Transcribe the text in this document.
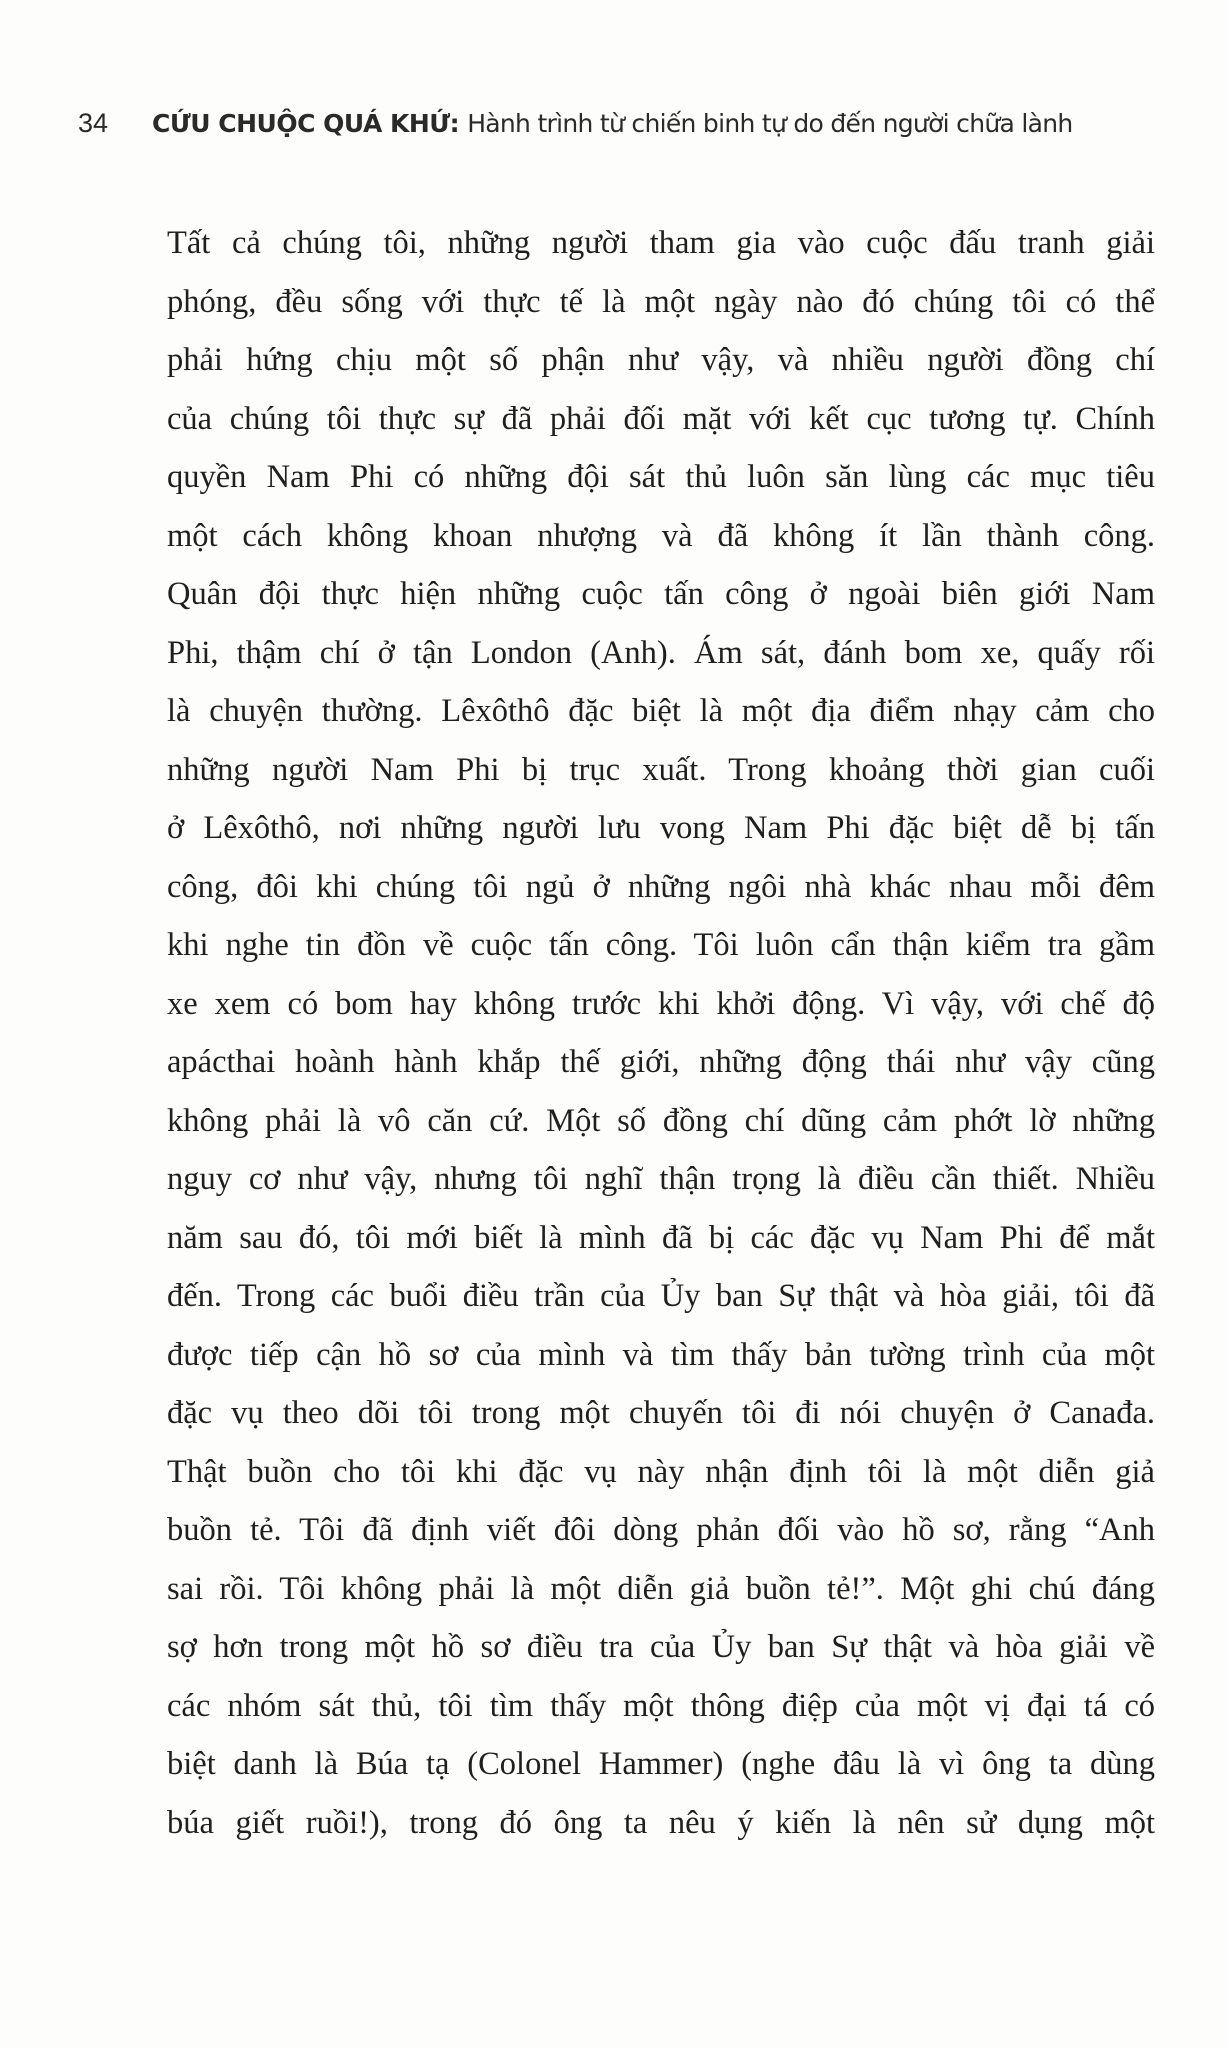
34 CỨU CHUỘC QUÁ KHỨ: Hành trình từ chiến binh tự do đến người chữa lành
Tất cả chúng tôi, những người tham gia vào cuộc đấu tranh giải
phóng, đều sống với thực tế là một ngày nào đó chúng tôi có thể
phải hứng chịu một số phận như vậy, và nhiều người đồng chí
của chúng tôi thực sự đã phải đối mặt với kết cục tương tự. Chính
quyền Nam Phi có những đội sát thủ luôn săn lùng các mục tiêu
một cách không khoan nhượng và đã không ít lần thành công.
Quân đội thực hiện những cuộc tấn công ở ngoài biên giới Nam
Phi, thậm chí ở tận London (Anh). Ám sát, đánh bom xe, quấy rối
là chuyện thường. Lêxôthô đặc biệt là một địa điểm nhạy cảm cho
những người Nam Phi bị trục xuất. Trong khoảng thời gian cuối
ở Lêxôthô, nơi những người lưu vong Nam Phi đặc biệt dễ bị tấn
công, đôi khi chúng tôi ngủ ở những ngôi nhà khác nhau mỗi đêm
khi nghe tin đồn về cuộc tấn công. Tôi luôn cẩn thận kiểm tra gầm
xe xem có bom hay không trước khi khởi động. Vì vậy, với chế độ
apácthai hoành hành khắp thế giới, những động thái như vậy cũng
không phải là vô căn cứ. Một số đồng chí dũng cảm phớt lờ những
nguy cơ như vậy, nhưng tôi nghĩ thận trọng là điều cần thiết. Nhiều
năm sau đó, tôi mới biết là mình đã bị các đặc vụ Nam Phi để mắt
đến. Trong các buổi điều trần của Ủy ban Sự thật và hòa giải, tôi đã
được tiếp cận hồ sơ của mình và tìm thấy bản tường trình của một
đặc vụ theo dõi tôi trong một chuyến tôi đi nói chuyện ở Canađa.
Thật buồn cho tôi khi đặc vụ này nhận định tôi là một diễn giả
buồn tẻ. Tôi đã định viết đôi dòng phản đối vào hồ sơ, rằng “Anh
sai rồi. Tôi không phải là một diễn giả buồn tẻ!”. Một ghi chú đáng
sợ hơn trong một hồ sơ điều tra của Ủy ban Sự thật và hòa giải về
các nhóm sát thủ, tôi tìm thấy một thông điệp của một vị đại tá có
biệt danh là Búa tạ (Colonel Hammer) (nghe đâu là vì ông ta dùng
búa giết ruồi!), trong đó ông ta nêu ý kiến là nên sử dụng một
